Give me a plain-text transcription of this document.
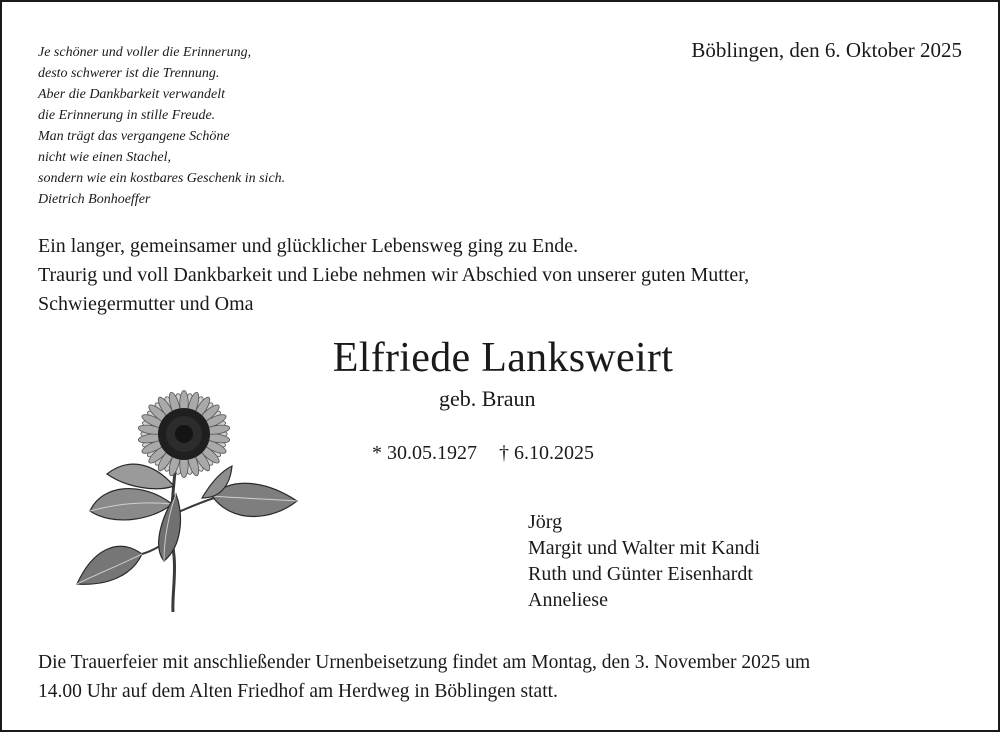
Je schöner und voller die Erinnerung,
desto schwerer ist die Trennung.
Aber die Dankbarkeit verwandelt
die Erinnerung in stille Freude.
Man trägt das vergangene Schöne
nicht wie einen Stachel,
sondern wie ein kostbares Geschenk in sich.
Dietrich Bonhoeffer
Böblingen, den 6. Oktober 2025
Ein langer, gemeinsamer und glücklicher Lebensweg ging zu Ende.
Traurig und voll Dankbarkeit und Liebe nehmen wir Abschied von unserer guten Mutter,
Schwiegermutter und Oma
Elfriede Lanksweirt
geb. Braun
* 30.05.1927 † 6.10.2025
Jörg
Margit und Walter mit Kandi
Ruth und Günter Eisenhardt
Anneliese
Die Trauerfeier mit anschließender Urnenbeisetzung findet am Montag, den 3. November 2025 um
14.00 Uhr auf dem Alten Friedhof am Herdweg in Böblingen statt.
